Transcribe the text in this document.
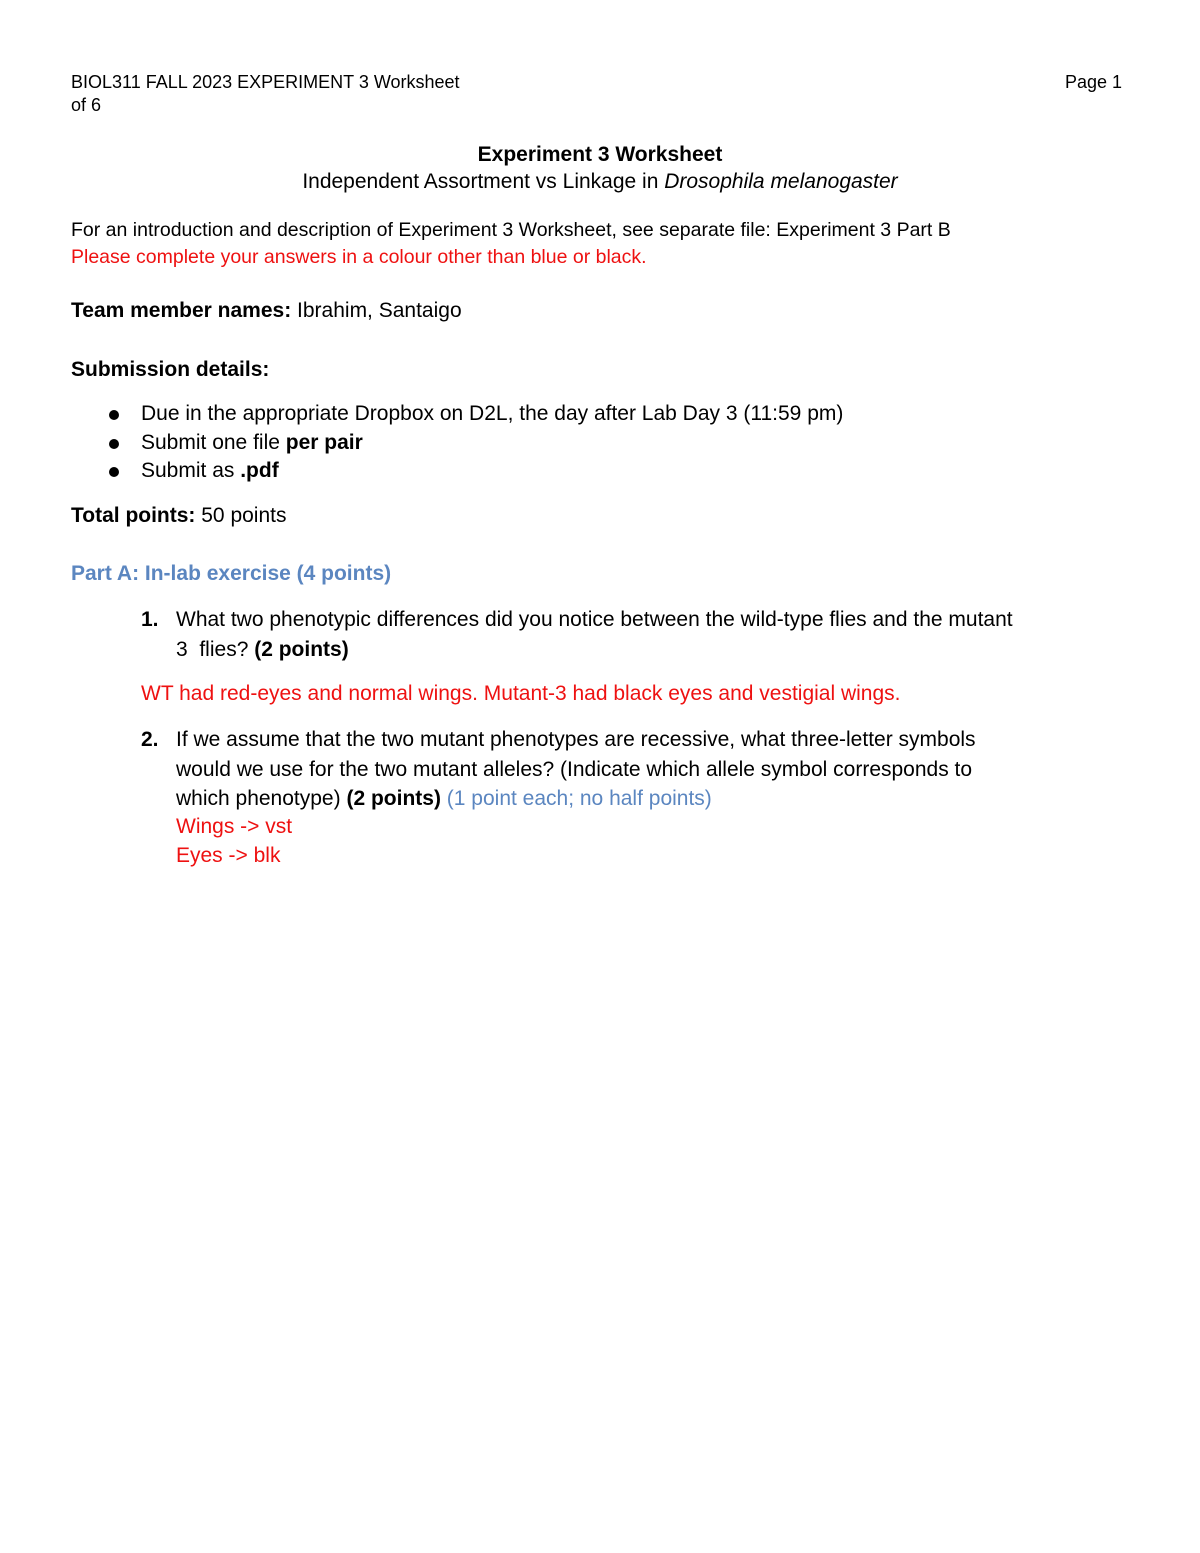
BIOL311 FALL 2023 EXPERIMENT 3 Worksheet
of 6
Page 1
Experiment 3 Worksheet
Independent Assortment vs Linkage in Drosophila melanogaster
For an introduction and description of Experiment 3 Worksheet, see separate file: Experiment 3 Part B
Please complete your answers in a colour other than blue or black.
Team member names: Ibrahim, Santaigo
Submission details:
Due in the appropriate Dropbox on D2L, the day after Lab Day 3 (11:59 pm)
Submit one file per pair
Submit as .pdf
Total points: 50 points
Part A: In-lab exercise (4 points)
1. What two phenotypic differences did you notice between the wild-type flies and the mutant
3  flies? (2 points)
WT had red-eyes and normal wings. Mutant-3 had black eyes and vestigial wings.
2. If we assume that the two mutant phenotypes are recessive, what three-letter symbols
would we use for the two mutant alleles? (Indicate which allele symbol corresponds to
which phenotype) (2 points) (1 point each; no half points)
Wings -> vst
Eyes -> blk
